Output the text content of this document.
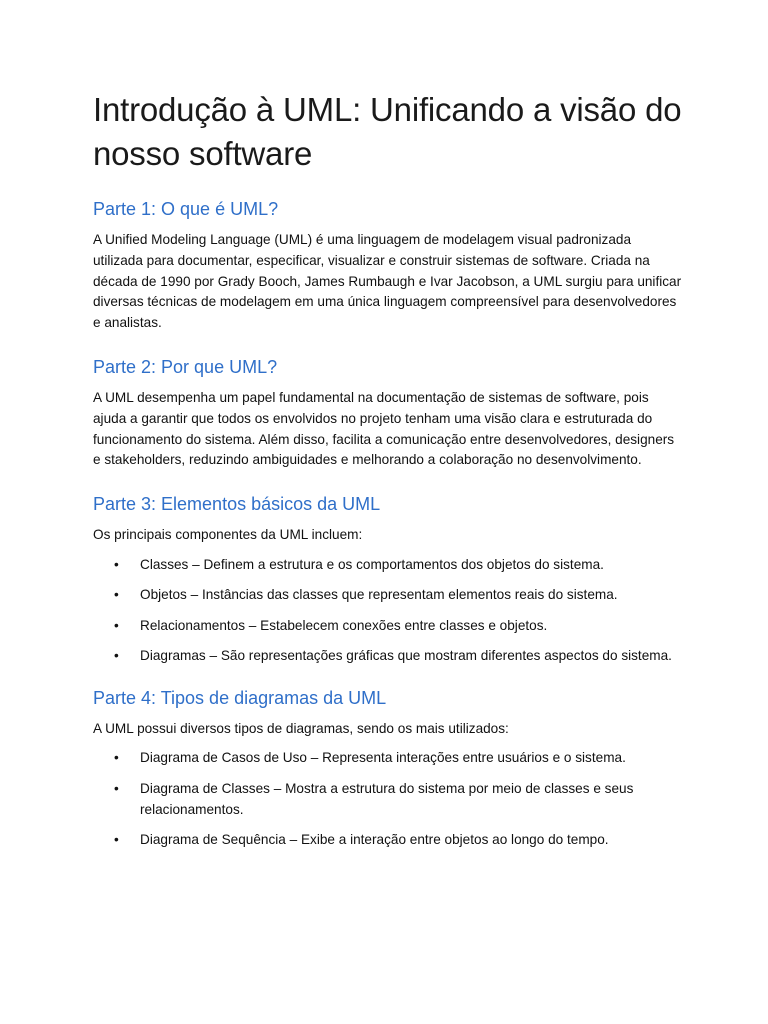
Introdução à UML: Unificando a visão do nosso software
Parte 1: O que é UML?

A Unified Modeling Language (UML) é uma linguagem de modelagem visual padronizada utilizada para documentar, especificar, visualizar e construir sistemas de software. Criada na década de 1990 por Grady Booch, James Rumbaugh e Ivar Jacobson, a UML surgiu para unificar diversas técnicas de modelagem em uma única linguagem compreensível para desenvolvedores e analistas.

Parte 2: Por que UML?

A UML desempenha um papel fundamental na documentação de sistemas de software, pois ajuda a garantir que todos os envolvidos no projeto tenham uma visão clara e estruturada do funcionamento do sistema. Além disso, facilita a comunicação entre desenvolvedores, designers e stakeholders, reduzindo ambiguidades e melhorando a colaboração no desenvolvimento.

Parte 3: Elementos básicos da UML

Os principais componentes da UML incluem:

• Classes – Definem a estrutura e os comportamentos dos objetos do sistema.
• Objetos – Instâncias das classes que representam elementos reais do sistema.
• Relacionamentos – Estabelecem conexões entre classes e objetos.
• Diagramas – São representações gráficas que mostram diferentes aspectos do sistema.
Parte 4: Tipos de diagramas da UML

A UML possui diversos tipos de diagramas, sendo os mais utilizados:

• Diagrama de Casos de Uso – Representa interações entre usuários e o sistema.
• Diagrama de Classes – Mostra a estrutura do sistema por meio de classes e seus relacionamentos.
• Diagrama de Sequência – Exibe a interação entre objetos ao longo do tempo.
